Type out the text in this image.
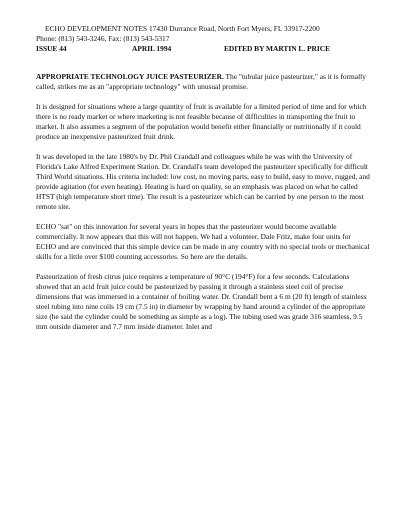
ECHO DEVELOPMENT NOTES 17430 Durrance Road, North Fort Myers, FL 33917-2200
Phone: (813) 543-3246, Fax: (813) 543-5317
ISSUE 44	APRIL 1994	EDITED BY MARTIN L. PRICE

APPROPRIATE TECHNOLOGY JUICE PASTEURIZER. The "tubular juice pasteurizer," as it is formally called, strikes me as an "appropriate technology" with unusual promise.

It is designed for situations where a large quantity of fruit is available for a limited period of time and for which there is no ready market or where marketing is not feasible because of difficulties in transporting the fruit to market. It also assumes a segment of the population would benefit either financially or nutritionally if it could produce an inexpensive pasteurized fruit drink.

It was developed in the late 1980's by Dr. Phil Crandall and colleagues while he was with the University of Florida's Lake Alfred Experiment Station. Dr. Crandall's team developed the pasteurizer specifically for difficult Third World situations. His criteria included: low cost, no moving parts, easy to build, easy to move, rugged, and provide agitation (for even heating). Heating is hard on quality, so an emphasis was placed on what he called HTST (high temperature short time). The result is a pasteurizer which can be carried by one person to the most remote site.

ECHO "sat" on this innovation for several years in hopes that the pasteurizer would become available commercially. It now appears that this will not happen. We had a volunteer, Dale Fritz, make four units for ECHO and are convinced that this simple device can be made in any country with no special tools or mechanical skills for a little over $100 counting accessories. So here are the details.

Pasteurization of fresh citrus juice requires a temperature of 90°C (194°F) for a few seconds. Calculations showed that an acid fruit juice could be pasteurized by passing it through a stainless steel coil of precise dimensions that was immersed in a container of boiling water. Dr. Crandall bent a 6 m (20 ft) length of stainless steel tubing into nine coils 19 cm (7.5 in) in diameter by wrapping by hand around a cylinder of the appropriate size (he said the cylinder could be something as simple as a log). The tubing used was grade 316 seamless, 9.5 mm outside diameter and 7.7 mm inside diameter. Inlet and
